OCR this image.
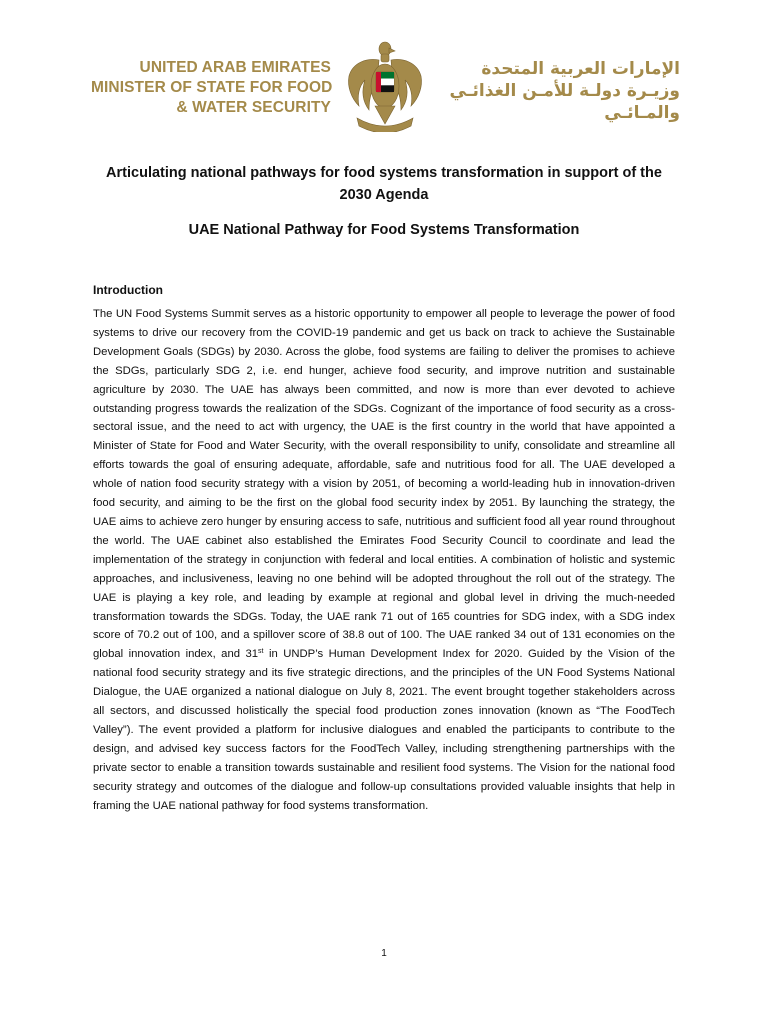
UNITED ARAB EMIRATES
MINISTER OF STATE FOR FOOD
& WATER SECURITY
الإمارات العربية المتحدة
وزيـرة دولـة للأمـن الغذائـي
والمـائـي
Articulating national pathways for food systems transformation in support of the 2030 Agenda
UAE National Pathway for Food Systems Transformation
Introduction
The UN Food Systems Summit serves as a historic opportunity to empower all people to leverage the power of food systems to drive our recovery from the COVID-19 pandemic and get us back on track to achieve the Sustainable Development Goals (SDGs) by 2030. Across the globe, food systems are failing to deliver the promises to achieve the SDGs, particularly SDG 2, i.e. end hunger, achieve food security, and improve nutrition and sustainable agriculture by 2030. The UAE has always been committed, and now is more than ever devoted to achieve outstanding progress towards the realization of the SDGs. Cognizant of the importance of food security as a cross-sectoral issue, and the need to act with urgency, the UAE is the first country in the world that have appointed a Minister of State for Food and Water Security, with the overall responsibility to unify, consolidate and streamline all efforts towards the goal of ensuring adequate, affordable, safe and nutritious food for all. The UAE developed a whole of nation food security strategy with a vision by 2051, of becoming a world-leading hub in innovation-driven food security, and aiming to be the first on the global food security index by 2051. By launching the strategy, the UAE aims to achieve zero hunger by ensuring access to safe, nutritious and sufficient food all year round throughout the world. The UAE cabinet also established the Emirates Food Security Council to coordinate and lead the implementation of the strategy in conjunction with federal and local entities. A combination of holistic and systemic approaches, and inclusiveness, leaving no one behind will be adopted throughout the roll out of the strategy. The UAE is playing a key role, and leading by example at regional and global level in driving the much-needed transformation towards the SDGs. Today, the UAE rank 71 out of 165 countries for SDG index, with a SDG index score of 70.2 out of 100, and a spillover score of 38.8 out of 100. The UAE ranked 34 out of 131 economies on the global innovation index, and 31st in UNDP’s Human Development Index for 2020. Guided by the Vision of the national food security strategy and its five strategic directions, and the principles of the UN Food Systems National Dialogue, the UAE organized a national dialogue on July 8, 2021. The event brought together stakeholders across all sectors, and discussed holistically the special food production zones innovation (known as “The FoodTech Valley”). The event provided a platform for inclusive dialogues and enabled the participants to contribute to the design, and advised key success factors for the FoodTech Valley, including strengthening partnerships with the private sector to enable a transition towards sustainable and resilient food systems. The Vision for the national food security strategy and outcomes of the dialogue and follow-up consultations provided valuable insights that help in framing the UAE national pathway for food systems transformation.
1
